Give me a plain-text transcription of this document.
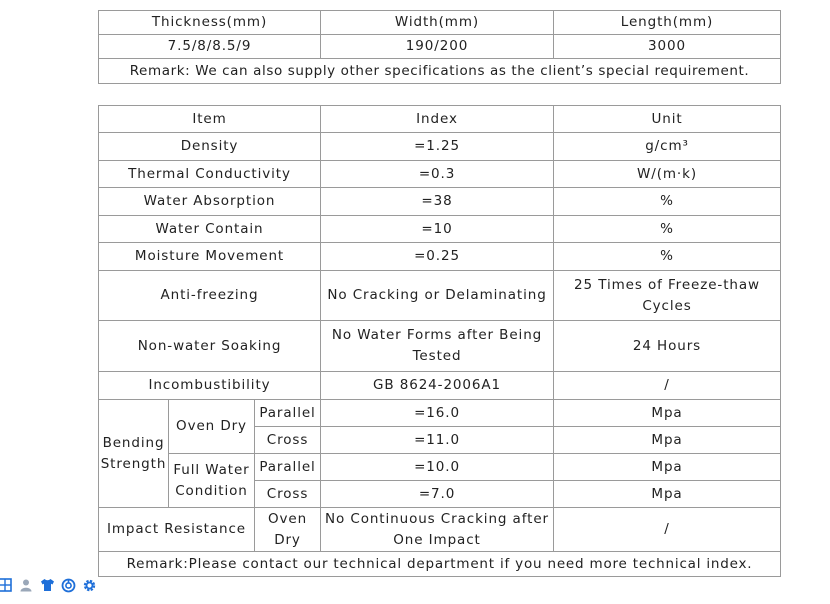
Thickness(mm)	Width(mm)	Length(mm)
7.5/8/8.5/9	190/200	3000
Remark: We can also supply other specifications as the client’s special requirement.		
Item			Index	Unit
Density			=1.25	g/cm³
Thermal Conductivity			=0.3	W/(m·k)
Water Absorption			=38	%
Water Contain			=10	%
Moisture Movement			=0.25	%
Anti-freezing			No Cracking or Delaminating	25 Times of Freeze-thaw Cycles
Non-water Soaking			No Water Forms after Being Tested	24 Hours
Incombustibility			GB 8624-2006A1	/
Bending Strength	Oven Dry	Parallel	=16.0	Mpa
		Cross	=11.0	Mpa
	Full Water Condition	Parallel	=10.0	Mpa
		Cross	=7.0	Mpa
Impact Resistance		Oven Dry	No Continuous Cracking after One Impact	/
Remark:Please contact our technical department if you need more technical index.				
